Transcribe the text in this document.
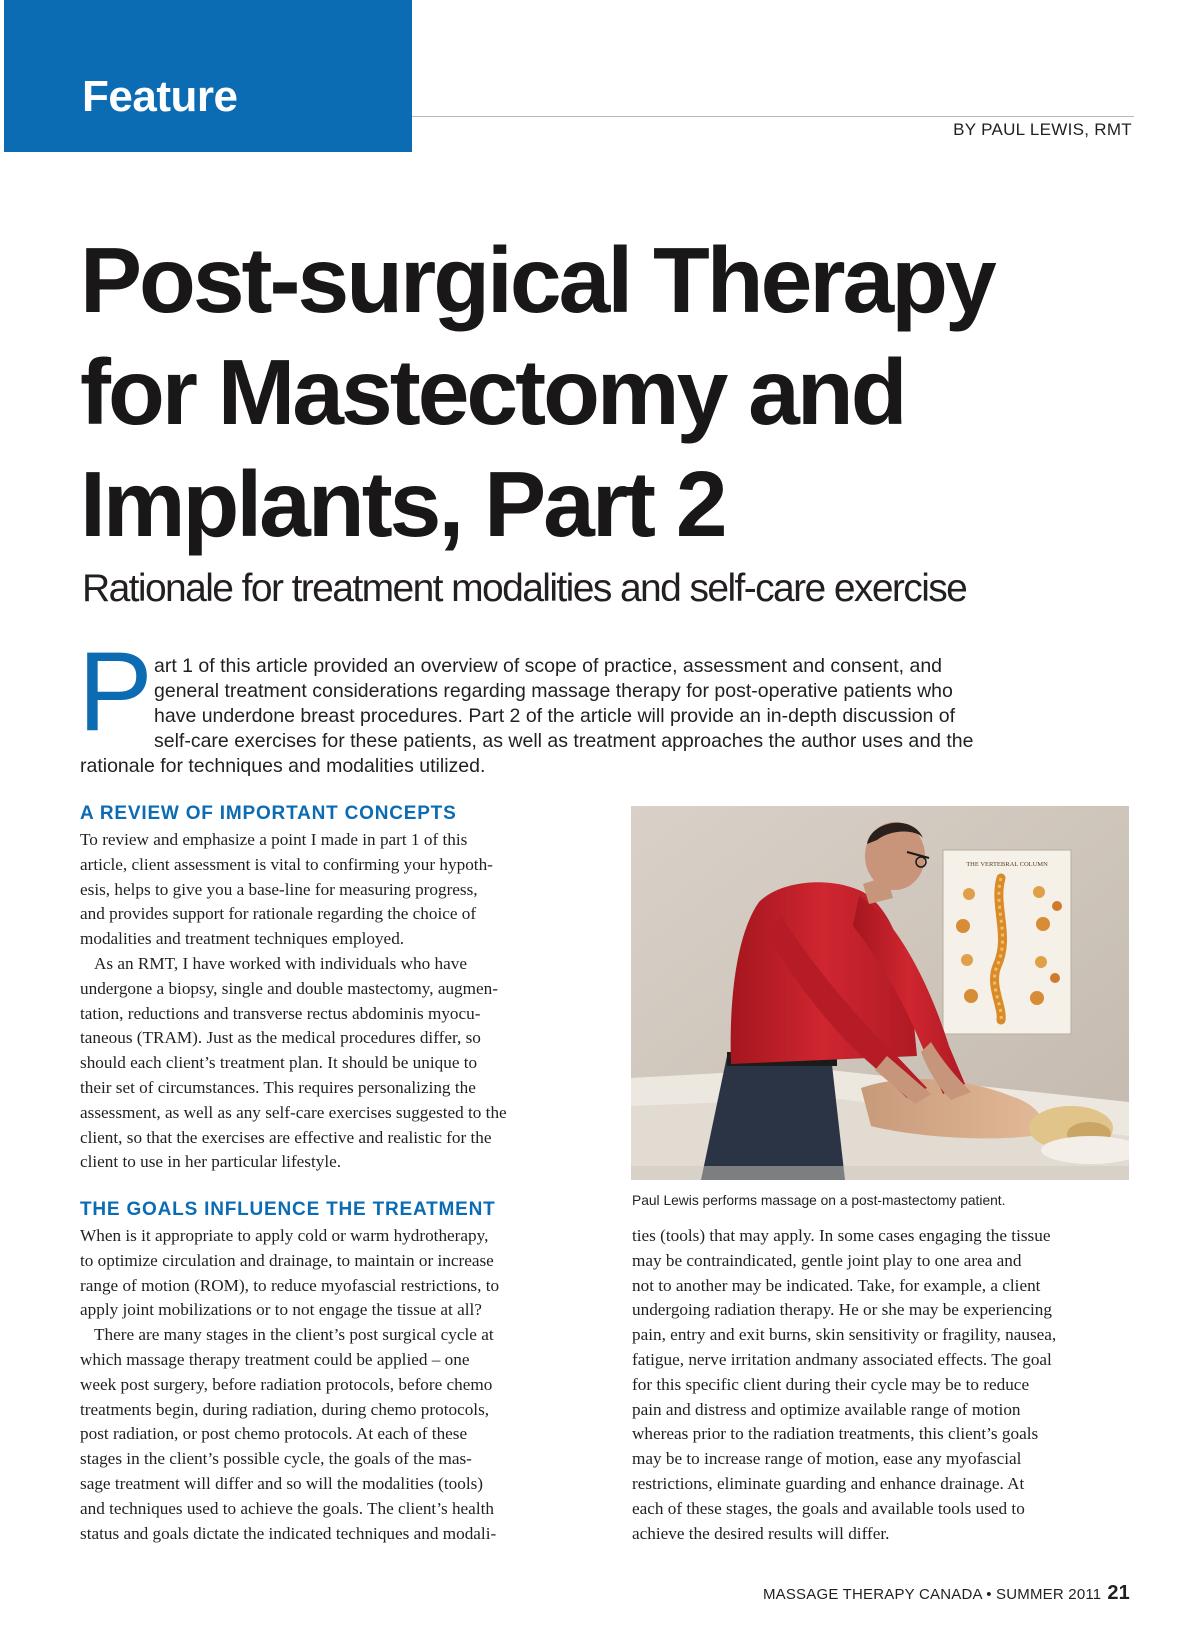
Feature
BY PAUL LEWIS, RMT
Post-surgical Therapy
for Mastectomy and
Implants, Part 2
Rationale for treatment modalities and self-care exercise
P art 1 of this article provided an overview of scope of practice, assessment and consent, and

general treatment considerations regarding massage therapy for post-operative patients who

have underdone breast procedures. Part 2 of the article will provide an in-depth discussion of

self-care exercises for these patients, as well as treatment approaches the author uses and the

rationale for techniques and modalities utilized.

A REVIEW OF IMPORTANT CONCEPTS

To review and emphasize a point I made in part 1 of this
article, client assessment is vital to confirming your hypoth-
esis, helps to give you a base-line for measuring progress,
and provides support for rationale regarding the choice of
modalities and treatment techniques employed.

As an RMT, I have worked with individuals who have
undergone a biopsy, single and double mastectomy, augmen-
tation, reductions and transverse rectus abdominis myocu-
taneous (TRAM). Just as the medical procedures differ, so
should each client’s treatment plan. It should be unique to
their set of circumstances. This requires personalizing the
assessment, as well as any self-care exercises suggested to the
client, so that the exercises are effective and realistic for the
client to use in her particular lifestyle.

THE GOALS INFLUENCE THE TREATMENT

When is it appropriate to apply cold or warm hydrotherapy,
to optimize circulation and drainage, to maintain or increase
range of motion (ROM), to reduce myofascial restrictions, to
apply joint mobilizations or to not engage the tissue at all?

There are many stages in the client’s post surgical cycle at
which massage therapy treatment could be applied – one
week post surgery, before radiation protocols, before chemo
treatments begin, during radiation, during chemo protocols,
post radiation, or post chemo protocols. At each of these
stages in the client’s possible cycle, the goals of the mas-
sage treatment will differ and so will the modalities (tools)
and techniques used to achieve the goals. The client’s health
status and goals dictate the indicated techniques and modali-

THE VERTEBRAL COLUMN

Paul Lewis performs massage on a post-mastectomy patient.

ties (tools) that may apply. In some cases engaging the tissue
may be contraindicated, gentle joint play to one area and
not to another may be indicated. Take, for example, a client
undergoing radiation therapy. He or she may be experiencing
pain, entry and exit burns, skin sensitivity or fragility, nausea,
fatigue, nerve irritation andmany associated effects. The goal
for this specific client during their cycle may be to reduce
pain and distress and optimize available range of motion
whereas prior to the radiation treatments, this client’s goals
may be to increase range of motion, ease any myofascial
restrictions, eliminate guarding and enhance drainage. At
each of these stages, the goals and available tools used to
achieve the desired results will differ.

MASSAGE THERAPY CANADA • SUMMER 2011 21
